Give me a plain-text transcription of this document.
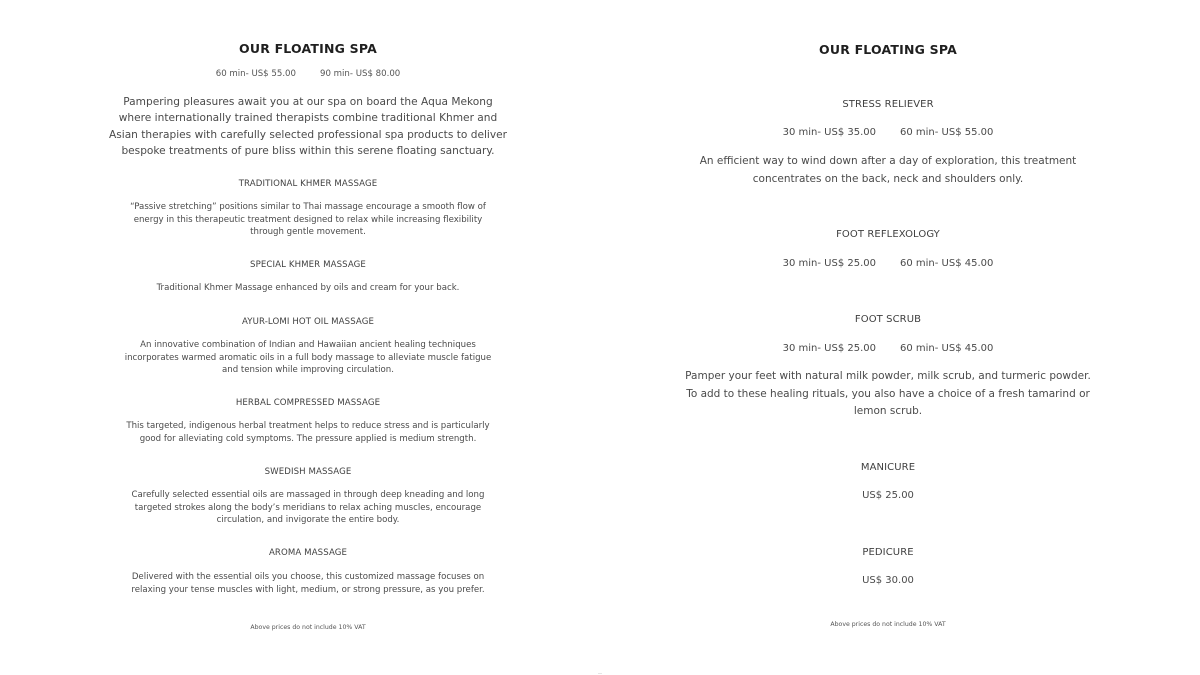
OUR FLOATING SPA
60 min- US$ 55.00	90 min- US$ 80.00
Pampering pleasures await you at our spa on board the Aqua Mekong
where internationally trained therapists combine traditional Khmer and
Asian therapies with carefully selected professional spa products to deliver
bespoke treatments of pure bliss within this serene floating sanctuary.
TRADITIONAL KHMER MASSAGE
“Passive stretching” positions similar to Thai massage encourage a smooth flow of
energy in this therapeutic treatment designed to relax while increasing flexibility
through gentle movement.
SPECIAL KHMER MASSAGE
Traditional Khmer Massage enhanced by oils and cream for your back.
AYUR-LOMI HOT OIL MASSAGE
An innovative combination of Indian and Hawaiian ancient healing techniques
incorporates warmed aromatic oils in a full body massage to alleviate muscle fatigue
and tension while improving circulation.
HERBAL COMPRESSED MASSAGE
This targeted, indigenous herbal treatment helps to reduce stress and is particularly
good for alleviating cold symptoms. The pressure applied is medium strength.
SWEDISH MASSAGE
Carefully selected essential oils are massaged in through deep kneading and long
targeted strokes along the body’s meridians to relax aching muscles, encourage
circulation, and invigorate the entire body.
AROMA MASSAGE
Delivered with the essential oils you choose, this customized massage focuses on
relaxing your tense muscles with light, medium, or strong pressure, as you prefer.
Above prices do not include 10% VAT
OUR FLOATING SPA
STRESS RELIEVER
30 min- US$ 35.00 60 min- US$ 55.00
An efficient way to wind down after a day of exploration, this treatment
concentrates on the back, neck and shoulders only.
FOOT REFLEXOLOGY
30 min- US$ 25.00 60 min- US$ 45.00
FOOT SCRUB
30 min- US$ 25.00 60 min- US$ 45.00
Pamper your feet with natural milk powder, milk scrub, and turmeric powder.
To add to these healing rituals, you also have a choice of a fresh tamarind or
lemon scrub.
MANICURE
US$ 25.00
PEDICURE
US$ 30.00
Above prices do not include 10% VAT
